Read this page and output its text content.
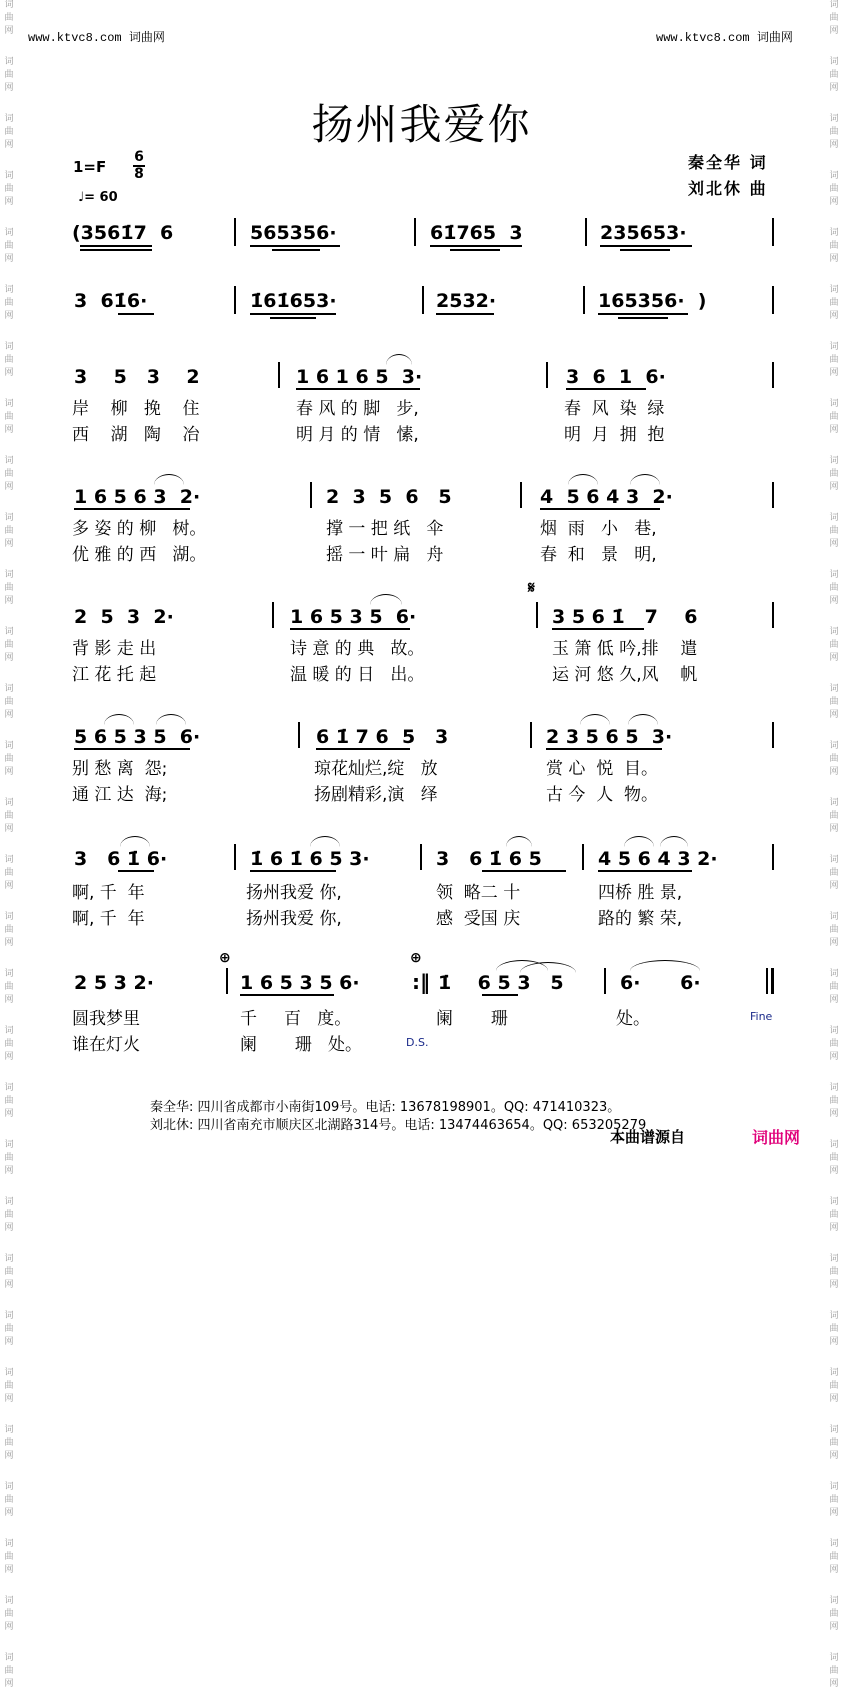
词
曲
网
词
曲
网
词
曲
网
词
曲
网
词
曲
网
词
曲
网
词
曲
网
词
曲
网
词
曲
网
词
曲
网
词
曲
网
词
曲
网
词
曲
网
词
曲
网
词
曲
网
词
曲
网
词
曲
网
词
曲
网
词
曲
网
词
曲
网
词
曲
网
词
曲
网
词
曲
网
词
曲
网
词
曲
网
词
曲
网
词
曲
网
词
曲
网
词
曲
网
词
曲
网
词
曲
网
词
曲
网
词
曲
网
词
曲
网
词
曲
网
词
曲
网
词
曲
网
词
曲
网
词
曲
网
词
曲
网
词
曲
网
词
曲
网
词
曲
网
词
曲
网
词
曲
网
词
曲
网
词
曲
网
词
曲
网
词
曲
网
词
曲
网
词
曲
网
词
曲
网
词
曲
网
词
曲
网
词
曲
网
词
曲
网
词
曲
网
词
曲
网
词
曲
网
词
曲
网
www.ktvc8.com 词曲网	www.ktvc8.com 词曲网
扬州我爱你
1=F
6
8
♩= 60
秦全华 词
刘北休 曲
(3561̇7  6	565356·	61̇765  3	235653·
3  61̇6·	1̇61̇653·	2532·	165356·  )
3    5   3    2	1 6 1 6 5  3·	3  6  1  6·
岸    柳   挽    住	春 风 的 脚   步,	春  风  染  绿
西    湖   陶    冶	明 月 的 情   愫,	明  月  拥  抱
1 6 5 6 3  2·	2  3  5  6   5	4  5 6 4 3  2·
多 姿 的 柳   树。	撑 一 把 纸   伞	烟  雨   小   巷,
优 雅 的 西   湖。	摇 一 叶 扁   舟	春  和   景   明,
𝄋
2  5  3  2·	1 6 5 3 5  6·	3 5 6 1̇   7    6
背 影 走 出	诗 意 的 典   故。	玉 箫 低 吟,排    遣
江 花 托 起	温 暖 的 日   出。	运 河 悠 久,风    帆
5 6 5 3 5  6·	6 1̇ 7 6  5   3	2 3 5 6 5  3·
别 愁 离  怨;	琼花灿烂,绽   放	赏 心  悦  目。
通 江 达  海;	扬剧精彩,演   绎	古 今  人  物。
3   6 1̇ 6·	1̇ 6 1̇ 6 5 3·	3   6 1̇ 6 5	4 5 6 4 3 2·
啊, 千  年	扬州我爱 你,	领  略二 十	四桥 胜 景,
啊, 千  年	扬州我爱 你,	感  受国 庆	路的 繁 荣,
⊕	⊕
2 5 3 2·	1 6 5 3 5 6·	:‖ 1̇    6 5 3   5	6·      6·
圆我梦里	千     百   度。	阑       珊	处。
谁在灯火	阑       珊   处。	D.S.
Fine
秦全华: 四川省成都市小南街109号。电话: 13678198901。QQ: 471410323。
刘北休: 四川省南充市顺庆区北湖路314号。电话: 13474463654。QQ: 653205279
本曲谱源自	词曲网
